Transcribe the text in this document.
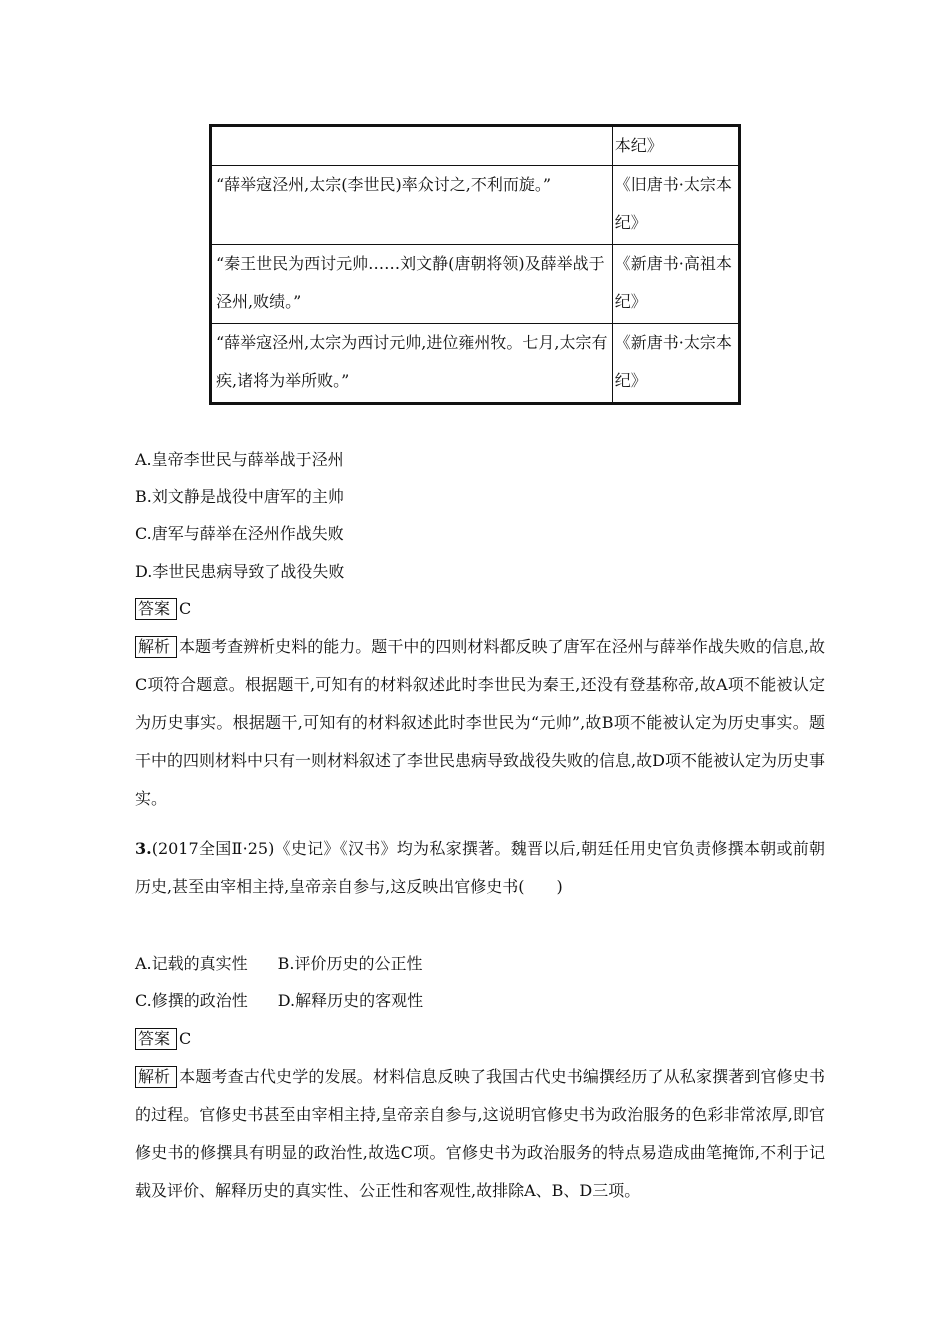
	本纪》
“薛举寇泾州,太宗(李世民)率众讨之,不利而旋。”	《旧唐书·太宗本纪》
“秦王世民为西讨元帅……刘文静(唐朝将领)及薛举战于泾州,败绩。”	《新唐书·高祖本纪》
“薛举寇泾州,太宗为西讨元帅,进位雍州牧。七月,太宗有疾,诸将为举所败。”	《新唐书·太宗本纪》
A.皇帝李世民与薛举战于泾州
B.刘文静是战役中唐军的主帅
C.唐军与薛举在泾州作战失败
D.李世民患病导致了战役失败
答案 C
解析 本题考查辨析史料的能力。题干中的四则材料都反映了唐军在泾州与薛举作战失败的信息,故C项符合题意。根据题干,可知有的材料叙述此时李世民为秦王,还没有登基称帝,故A项不能被认定为历史事实。根据题干,可知有的材料叙述此时李世民为“元帅”,故B项不能被认定为历史事实。题干中的四则材料中只有一则材料叙述了李世民患病导致战役失败的信息,故D项不能被认定为历史事实。
3.(2017全国Ⅱ·25)《史记》《汉书》均为私家撰著。魏晋以后,朝廷任用史官负责修撰本朝或前朝历史,甚至由宰相主持,皇帝亲自参与,这反映出官修史书(　　)
A.记载的真实性 B.评价历史的公正性
C.修撰的政治性 D.解释历史的客观性
答案 C
解析 本题考查古代史学的发展。材料信息反映了我国古代史书编撰经历了从私家撰著到官修史书的过程。官修史书甚至由宰相主持,皇帝亲自参与,这说明官修史书为政治服务的色彩非常浓厚,即官修史书的修撰具有明显的政治性,故选C项。官修史书为政治服务的特点易造成曲笔掩饰,不利于记载及评价、解释历史的真实性、公正性和客观性,故排除A、B、D三项。
